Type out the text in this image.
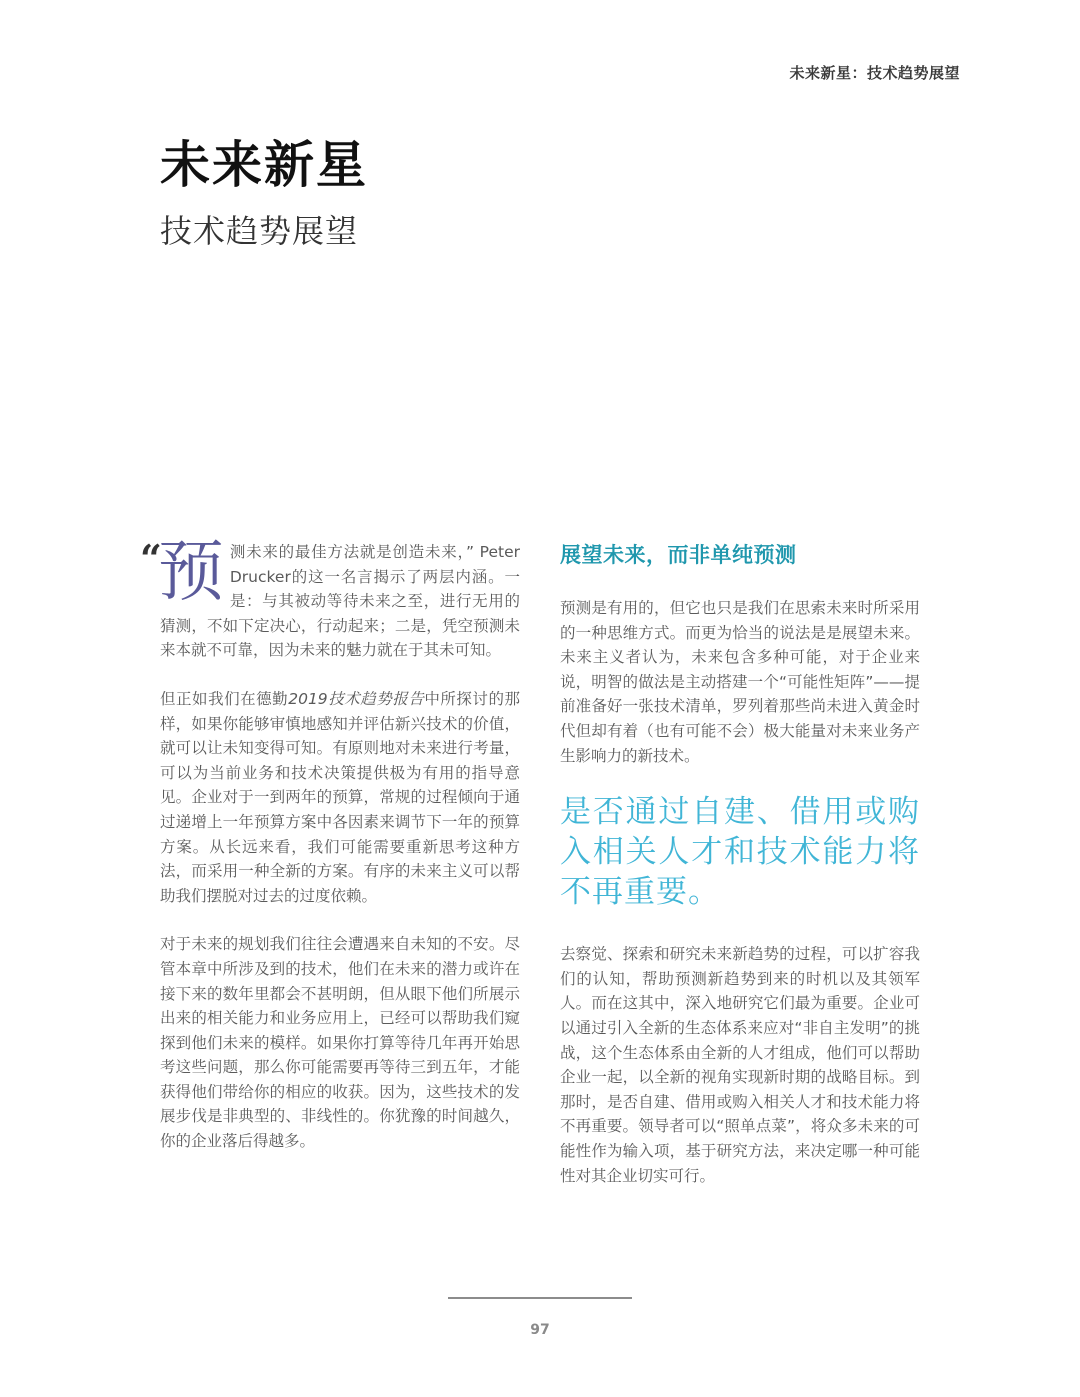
未来新星：技术趋势展望
未来新星
技术趋势展望

“ 预 测未来的最佳方法就是创造未来，” Peter Drucker的这一名言揭示了两层内涵。一是：与其被动等待未来之至，进行无用的猜测，不如下定决心，行动起来；二是，凭空预测未来本就不可靠，因为未来的魅力就在于其未可知。

但正如我们在德勤2019技术趋势报告中所探讨的那样，如果你能够审慎地感知并评估新兴技术的价值，就可以让未知变得可知。有原则地对未来进行考量，可以为当前业务和技术决策提供极为有用的指导意见。企业对于一到两年的预算，常规的过程倾向于通过递增上一年预算方案中各因素来调节下一年的预算方案。从长远来看，我们可能需要重新思考这种方法，而采用一种全新的方案。有序的未来主义可以帮助我们摆脱对过去的过度依赖。

对于未来的规划我们往往会遭遇来自未知的不安。尽管本章中所涉及到的技术，他们在未来的潜力或许在接下来的数年里都会不甚明朗，但从眼下他们所展示出来的相关能力和业务应用上，已经可以帮助我们窥探到他们未来的模样。如果你打算等待几年再开始思考这些问题，那么你可能需要再等待三到五年，才能获得他们带给你的相应的收获。因为，这些技术的发展步伐是非典型的、非线性的。你犹豫的时间越久，你的企业落后得越多。

展望未来，而非单纯预测

预测是有用的，但它也只是我们在思索未来时所采用的一种思维方式。而更为恰当的说法是是展望未来。未来主义者认为，未来包含多种可能，对于企业来说，明智的做法是主动搭建一个“可能性矩阵”——提前准备好一张技术清单，罗列着那些尚未进入黄金时代但却有着（也有可能不会）极大能量对未来业务产生影响力的新技术。

是否通过自建、借用或购入相关人才和技术能力将不再重要。

去察觉、探索和研究未来新趋势的过程，可以扩容我们的认知，帮助预测新趋势到来的时机以及其领军人。而在这其中，深入地研究它们最为重要。企业可以通过引入全新的生态体系来应对“非自主发明”的挑战，这个生态体系由全新的人才组成，他们可以帮助企业一起，以全新的视角实现新时期的战略目标。到那时，是否自建、借用或购入相关人才和技术能力将不再重要。领导者可以“照单点菜”，将众多未来的可能性作为输入项，基于研究方法，来决定哪一种可能性对其企业切实可行。

97
